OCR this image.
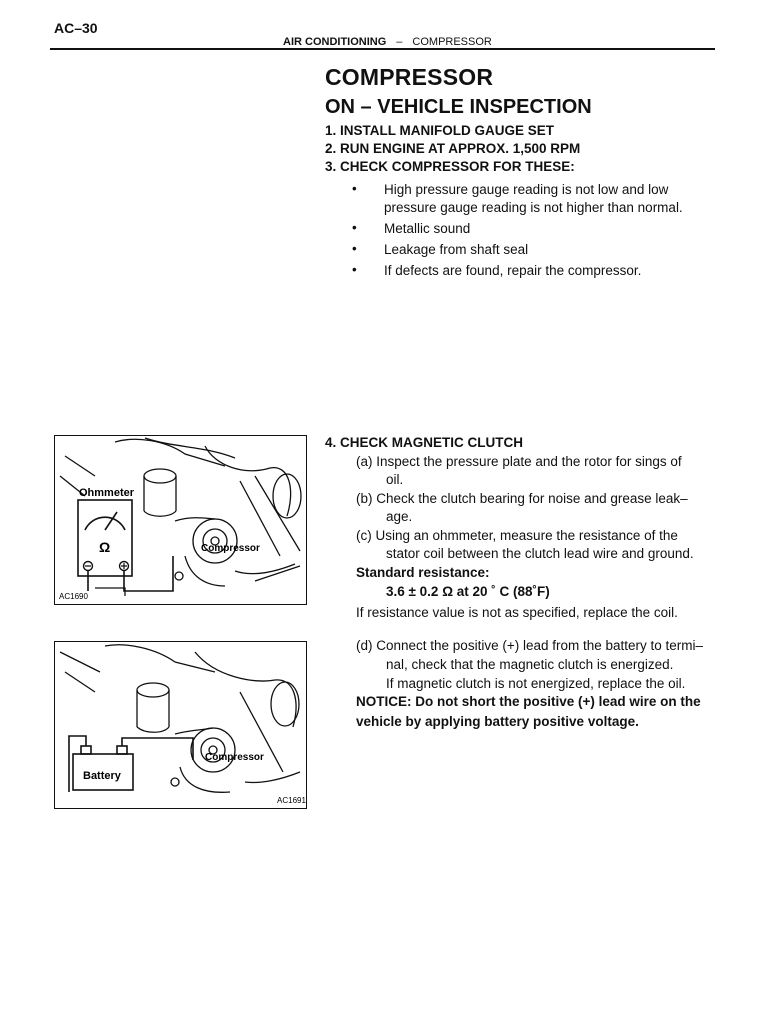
AC–30
AIR CONDITIONING – COMPRESSOR
COMPRESSOR
ON – VEHICLE INSPECTION
1. INSTALL MANIFOLD GAUGE SET
2. RUN ENGINE AT APPROX. 1,500 RPM
3. CHECK COMPRESSOR FOR THESE:
• High pressure gauge reading is not low and low
pressure gauge reading is not higher than normal.
• Metallic sound
• Leakage from shaft seal
• If defects are found, repair the compressor.
4. CHECK MAGNETIC CLUTCH
(a) Inspect the pressure plate and the rotor for sings of
oil.
(b) Check the clutch bearing for noise and grease leak–
age.
(c) Using an ohmmeter, measure the resistance of the
stator coil between the clutch lead wire and ground.
Standard resistance:
3.6 ± 0.2 Ω at 20 ˚ C (88˚F)
If resistance value is not as specified, replace the coil.
(d) Connect the positive (+) lead from the battery to termi–
nal, check that the magnetic clutch is energized.
If magnetic clutch is not energized, replace the oil.
NOTICE: Do not short the positive (+) lead wire on the
vehicle by applying battery positive voltage.
Ohmmeter
Ω	Compressor
AC1690
Battery
Compressor
AC1691
